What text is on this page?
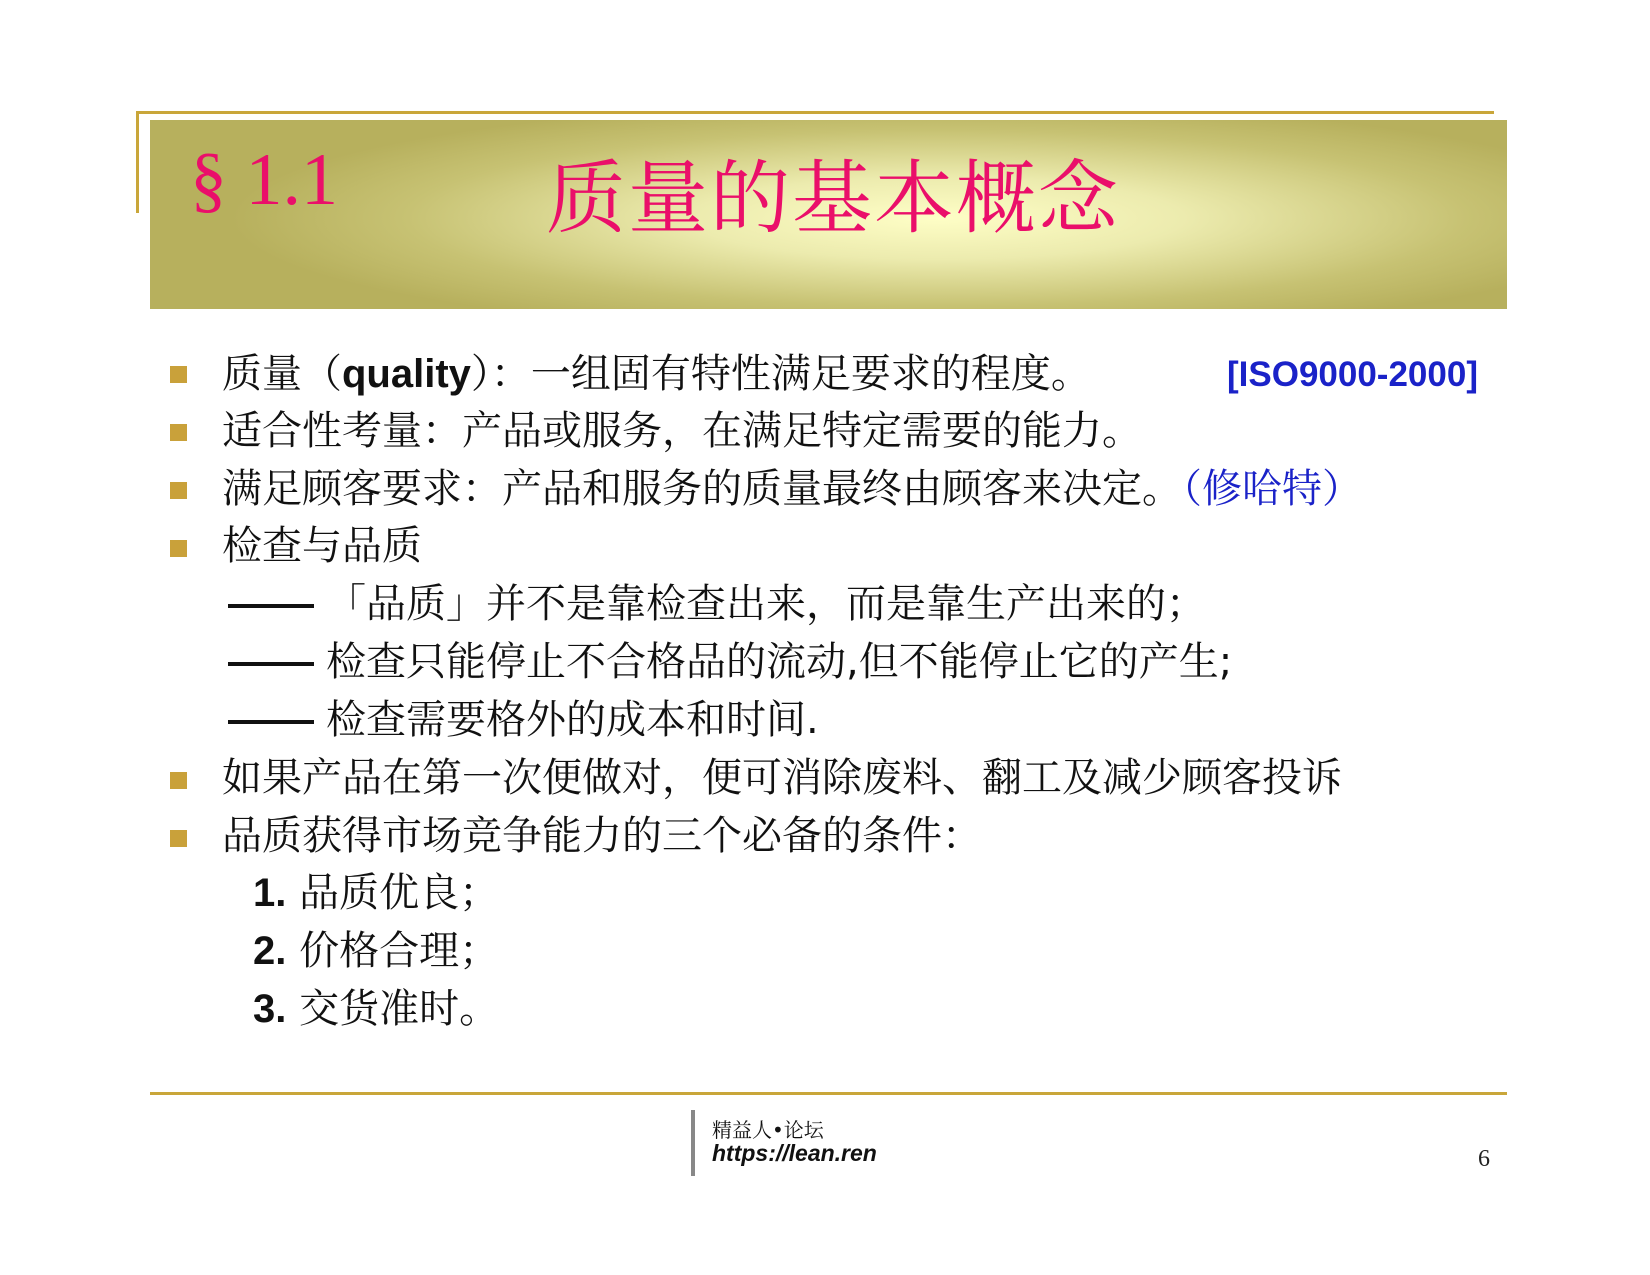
§ 1.1	质量的基本概念
质量（quality）：一组固有特性满足要求的程度。	[ISO9000-2000]
适合性考量：产品或服务，在满足特定需要的能力。
满足顾客要求：产品和服务的质量最终由顾客来决定。（修哈特）
检查与品质
「品质」并不是靠检查出来，而是靠生产出来的；
检查只能停止不合格品的流动,但不能停止它的产生;
检查需要格外的成本和时间.
如果产品在第一次便做对，便可消除废料、翻工及减少顾客投诉
品质获得市场竞争能力的三个必备的条件：
1. 品质优良；
2. 价格合理；
3. 交货准时。
精益人•论坛
https://lean.ren	6
